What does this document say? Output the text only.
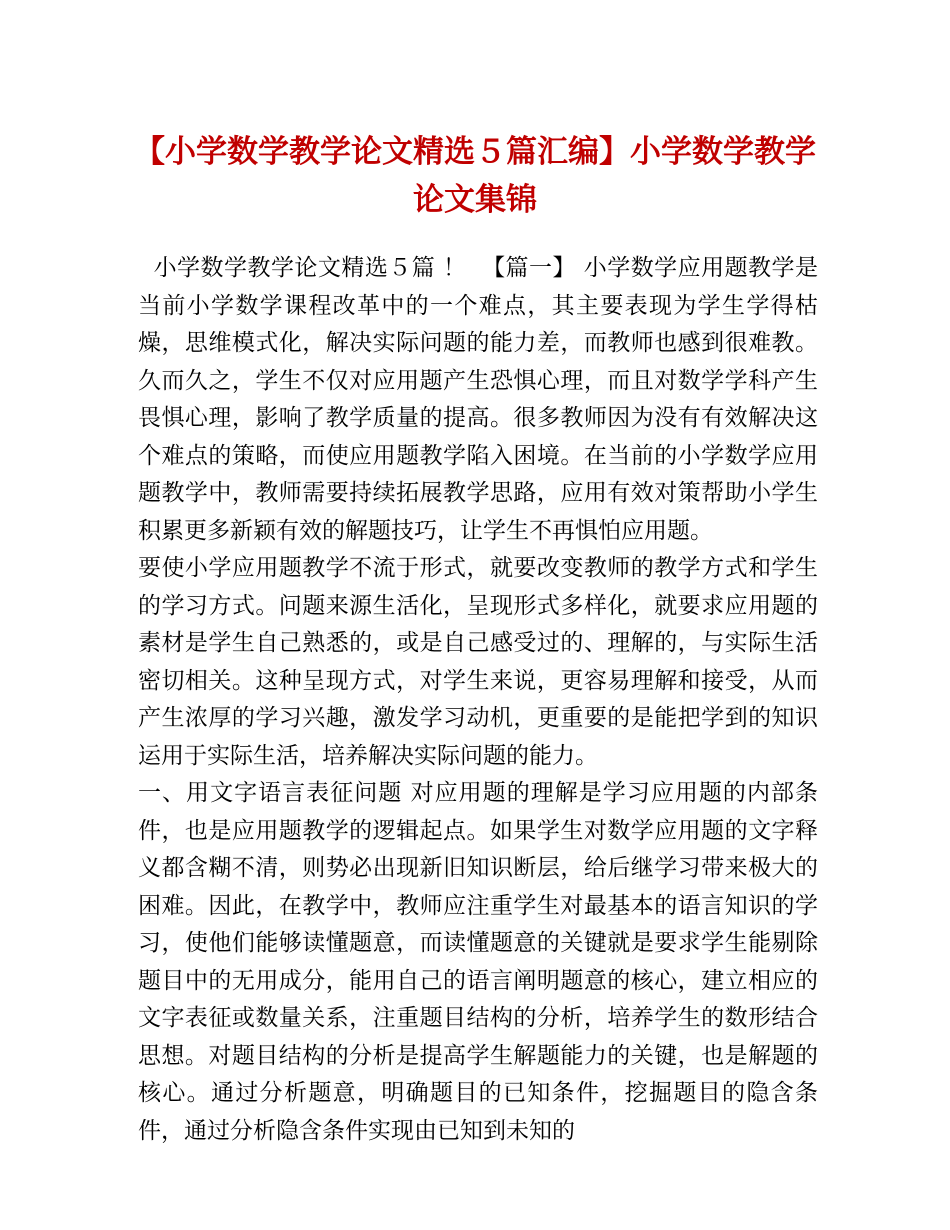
【小学数学教学论文精选５篇汇编】小学数学教学论文集锦

小学数学教学论文精选５篇 ！  【篇一】 小学数学应用题教学是当前小学数学课程改革中的一个难点，其主要表现为学生学得枯燥，思维模式化，解决实际问题的能力差，而教师也感到很难教。久而久之，学生不仅对应用题产生恐惧心理，而且对数学学科产生畏惧心理，影响了教学质量的提高。很多教师因为没有有效解决这个难点的策略，而使应用题教学陷入困境。在当前的小学数学应用题教学中，教师需要持续拓展教学思路，应用有效对策帮助小学生积累更多新颖有效的解题技巧，让学生不再惧怕应用题。

要使小学应用题教学不流于形式，就要改变教师的教学方式和学生的学习方式。问题来源生活化，呈现形式多样化，就要求应用题的素材是学生自己熟悉的，或是自己感受过的、理解的，与实际生活密切相关。这种呈现方式，对学生来说，更容易理解和接受，从而产生浓厚的学习兴趣，激发学习动机，更重要的是能把学到的知识运用于实际生活，培养解决实际问题的能力。

一、用文字语言表征问题 对应用题的理解是学习应用题的内部条件，也是应用题教学的逻辑起点。如果学生对数学应用题的文字释义都含糊不清，则势必出现新旧知识断层，给后继学习带来极大的困难。因此，在教学中，教师应注重学生对最基本的语言知识的学习，使他们能够读懂题意，而读懂题意的关键就是要求学生能剔除题目中的无用成分，能用自己的语言阐明题意的核心，建立相应的文字表征或数量关系，注重题目结构的分析，培养学生的数形结合思想。对题目结构的分析是提高学生解题能力的关键，也是解题的核心。通过分析题意，明确题目的已知条件，挖掘题目的隐含条件，通过分析隐含条件实现由已知到未知的
